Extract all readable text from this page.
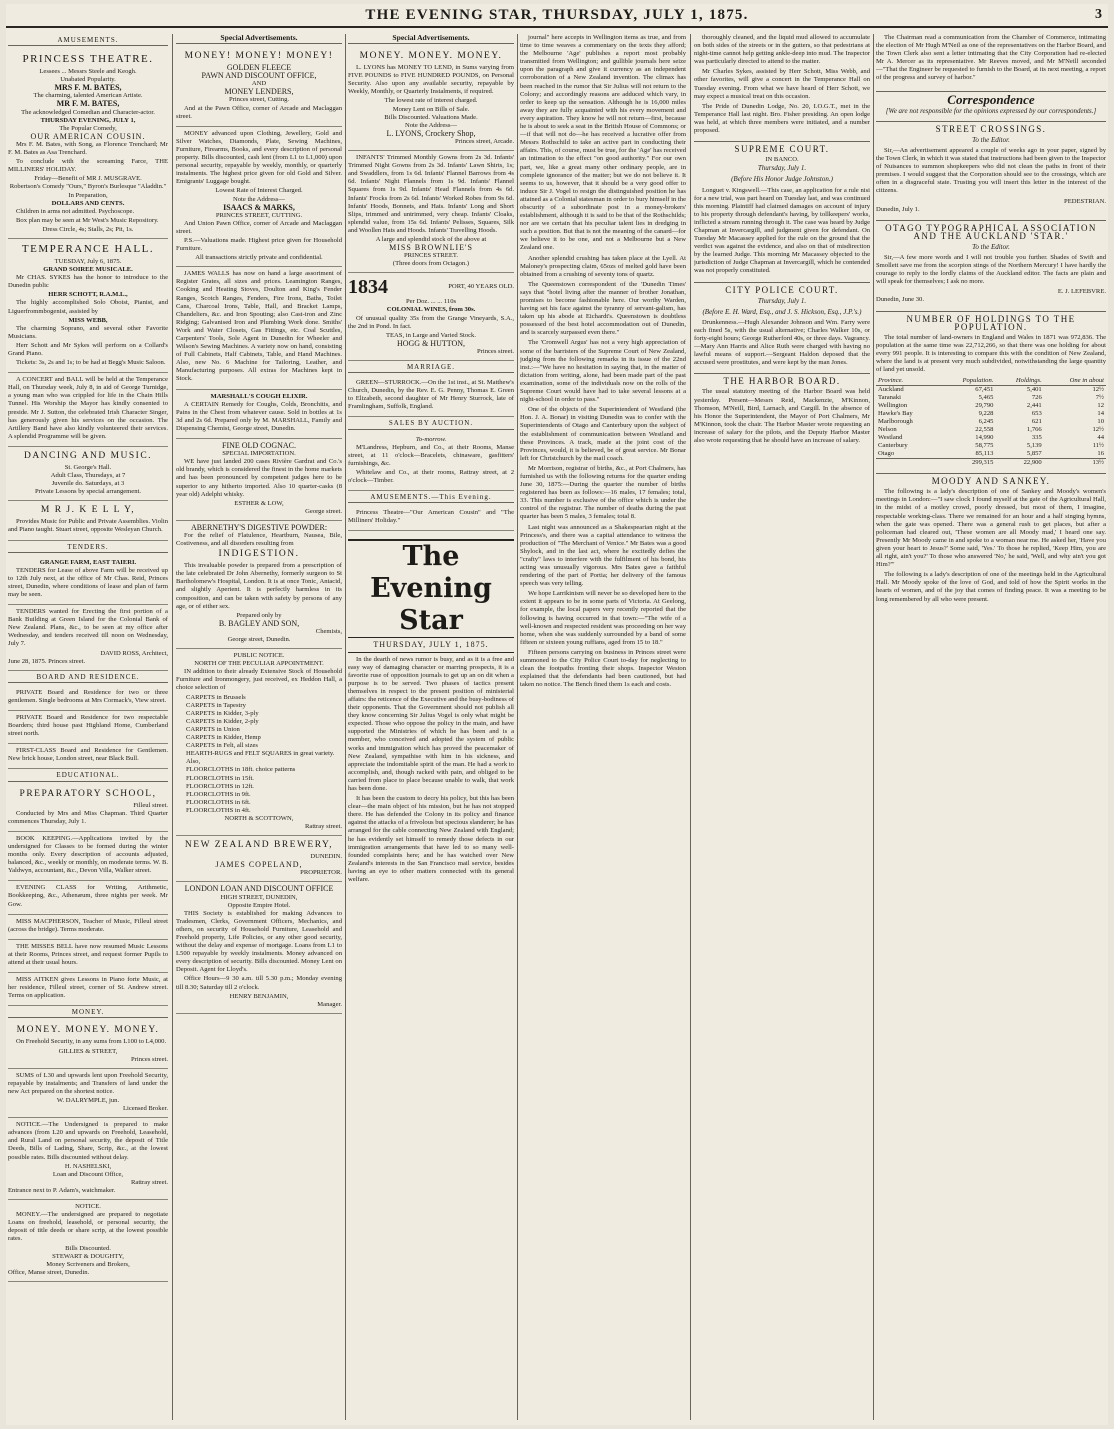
THE EVENING STAR, THURSDAY, JULY 1, 1875.	3
AMUSEMENTS.
PRINCESS THEATRE.
Lessees ... Messrs Steele and Keogh.
Unabated Popularity.
MRS F. M. BATES,
The charming, talented American Artiste.
MR F. M. BATES,
The acknowledged Comedian and Character-actor.
THURSDAY EVENING, JULY 1,
The Popular Comedy,
OUR AMERICAN COUSIN.

Mrs F. M. Bates, with Song, as Florence Trenchard; Mr F. M. Bates as Asa Trenchard.

To conclude with the screaming Farce, THE MILLINERS' HOLIDAY.

Friday—Benefit of MR J. MUSGRAVE.
Robertson's Comedy "Ours," Byron's Burlesque "Aladdin."
In Preparation,
DOLLARS AND CENTS.

Children in arms not admitted. Psychoscope.

Box plan may be seen at Mr West's Music Repository.

Dress Circle, 4s; Stalls, 2s; Pit, 1s.
TEMPERANCE HALL.
TUESDAY, July 6, 1875.
GRAND SOIREE MUSICALE.

Mr CHAS. SYKES has the honor to introduce to the Dunedin public

HERR SCHOTT, R.A.M.L.,

The highly accomplished Solo Oboist, Pianist, and Liguerfrommbogenist, assisted by

MISS WEBB,

The charming Soprano, and several other Favorite Musicians.

Herr Schott and Mr Sykes will perform on a Collard's Grand Piano.

Tickets: 3s, 2s and 1s; to be had at Begg's Music Saloon.

A CONCERT and BALL will be held at the Temperance Hall, on Thursday week, July 8, in aid of George Turnidge, a young man who was crippled for life in the Chain Hills Tunnel. His Worship the Mayor has kindly consented to preside. Mr J. Sutton, the celebrated Irish Character Singer, has generously given his services on the occasion. The Artillery Band have also kindly volunteered their services. A splendid Programme will be given.

DANCING AND MUSIC.
St. George's Hall.
Adult Class, Thursdays, at 7
Juvenile do. Saturdays, at 3
Private Lessons by special arrangement.
M R J. K E L L Y,

Provides Music for Public and Private Assemblies. Violin and Piano taught. Stuart street, opposite Wesleyan Church.

TENDERS.
GRANGE FARM, EAST TAIERI.

TENDERS for Lease of above Farm will be received up to 12th July next, at the office of Mr Chas. Reid, Princes street, Dunedin, where conditions of lease and plan of farm may be seen.

TENDERS wanted for Erecting the first portion of a Bank Building at Green Island for the Colonial Bank of New Zealand. Plans, &c., to be seen at my office after Wednesday, and tenders received till noon on Wednesday, July 7.

DAVID ROSS, Architect,
June 28, 1875. Princes street.
BOARD AND RESIDENCE.

PRIVATE Board and Residence for two or three gentlemen. Single bedrooms at Mrs Cormack's, View street.

PRIVATE Board and Residence for two respectable Boarders; third house past Highland Home, Cumberland street north.

FIRST-CLASS Board and Residence for Gentlemen. New brick house, London street, near Black Bull.

EDUCATIONAL.
PREPARATORY SCHOOL,
Filleul street.

Conducted by Mrs and Miss Chapman. Third Quarter commences Thursday, July 1.

BOOK KEEPING.—Applications invited by the undersigned for Classes to be formed during the winter months only. Every description of accounts adjusted, balanced, &c., weekly or monthly, on moderate terms. W. B. Yaldwyn, accountant, &c., Devon Villa, Walker street.

EVENING CLASS for Writing, Arithmetic, Bookkeeping, &c., Athenæum, three nights per week. Mr Gow.

MISS MACPHERSON, Teacher of Music, Filleul street (across the bridge). Terms moderate.

THE MISSES BELL have now resumed Music Lessons at their Rooms, Princes street, and request former Pupils to attend at their usual hours.

MISS AITKEN gives Lessons in Piano forte Music, at her residence, Filleul street, corner of St. Andrew street. Terms on application.

MONEY.
MONEY. MONEY. MONEY.

On Freehold Security, in any sums from L100 to L4,000.

GILLIES & STREET,
Princes street.

SUMS of L30 and upwards lent upon Freehold Security, repayable by instalments; and Transfers of land under the new Act prepared on the shortest notice.

W. DALRYMPLE, jun.
Licensed Broker.

NOTICE.—The Undersigned is prepared to make advances (from L20 and upwards on Freehold, Leasehold, and Rural Land on personal security, the deposit of Title Deeds, Bills of Lading, Share, Scrip, &c., at the lowest possible rates. Bills discounted without delay.

H. NASHELSKI,
Loan and Discount Office,
Rattray street.
Entrance next to P. Adam's, watchmaker.
NOTICE.

MONEY.—The undersigned are prepared to negotiate Loans on freehold, leasehold, or personal security, the deposit of title deeds or share scrip, at the lowest possible rates.

Bills Discounted.
STEWART & DOUGHTY,
Money Scriveners and Brokers,
Office, Manse street, Dunedin.
Special Advertisements.
MONEY! MONEY! MONEY!
GOLDEN FLEECE
PAWN AND DISCOUNT OFFICE,
AND
MONEY LENDERS,
Princes street, Cutting.

And at the Pawn Office, corner of Arcade and Maclaggan street.

MONEY advanced upon Clothing, Jewellery, Gold and Silver Watches, Diamonds, Plate, Sewing Machines, Furniture, Firearms, Books, and every description of personal property. Bills discounted, cash lent (from L1 to L1,000) upon personal security, repayable by weekly, monthly, or quarterly instalments. The highest price given for old Gold and Silver. Emigrants' Luggage bought.

Lowest Rate of Interest Charged.
Note the Address—
ISAACS & MARKS,
PRINCES STREET, CUTTING.

And Union Pawn Office, corner of Arcade and Maclaggan street.

P.S.—Valuations made. Highest price given for Household Furniture.

All transactions strictly private and confidential.

JAMES WALLS has now on hand a large assortment of Register Grates, all sizes and prices. Leamington Ranges, Cooking and Heating Stoves, Doulton and King's Fender Ranges, Scotch Ranges, Fenders, Fire Irons, Baths, Toilet Cans, Charcoal Irons, Table, Hall, and Bracket Lamps, Chandeliers, &c. and Iron Spouting; also Cast-iron and Zinc Ridging; Galvanised Iron and Plumbing Work done. Smiths' Work and Water Closets, Gas Fittings, etc. Coal Scuttles, Carpenters' Tools, Sole Agent in Dunedin for Wheeler and Wilson's Sewing Machines. A variety now on hand, consisting of Full Cabinets, Half Cabinets, Table, and Hand Machines. Also, new No. 6 Machine for Tailoring, Leather, and Manufacturing purposes. All extras for Machines kept in Stock.

MARSHALL'S COUGH ELIXIR.

A CERTAIN Remedy for Coughs, Colds, Bronchitis, and Pains in the Chest from whatever cause. Sold in bottles at 1s 3d and 2s 6d. Prepared only by M. MARSHALL, Family and Dispensing Chemist, George street, Dunedin.

FINE OLD COGNAC.
SPECIAL IMPORTATION.

WE have just landed 200 cases Rivière Gardrat and Co.'s old brandy, which is considered the finest in the home markets and has been pronounced by competent judges here to be superior to any hitherto imported. Also 10 quarter-casks (8 year old) Adelphi whisky.

ESTHER & LOW,
George street.
ABERNETHY'S DIGESTIVE POWDER:

For the relief of Flatulence, Heartburn, Nausea, Bile, Costiveness, and all disorders resulting from

INDIGESTION.

This invaluable powder is prepared from a prescription of the late celebrated Dr John Abernethy, formerly surgeon to St Bartholomew's Hospital, London. It is at once Tonic, Antacid, and slightly Aperient. It is perfectly harmless in its composition, and can be taken with safety by persons of any age, or of either sex.

Prepared only by
B. BAGLEY AND SON,
Chemists,
George street, Dunedin.
PUBLIC NOTICE.
NORTH OF THE PECULIAR APPOINTMENT.

IN addition to their already Extensive Stock of Household Furniture and Ironmongery, just received, ex Heddon Hall, a choice selection of

CARPETS in Brussels
CARPETS in Tapestry
CARPETS in Kidder, 3-ply
CARPETS in Kidder, 2-ply
CARPETS in Union
CARPETS in Kidder, Hemp
CARPETS in Felt, all sizes
HEARTH-RUGS and FELT SQUARES in great variety.
Also,
FLOORCLOTHS in 18ft. choice patterns
FLOORCLOTHS in 15ft.
FLOORCLOTHS in 12ft.
FLOORCLOTHS in 9ft.
FLOORCLOTHS in 6ft.
FLOORCLOTHS in 4ft.
NORTH & SCOTTOWN,
Rattray street.
NEW ZEALAND BREWERY,
DUNEDIN.
JAMES COPELAND,
PROPRIETOR.
LONDON LOAN AND DISCOUNT OFFICE
HIGH STREET, DUNEDIN,
Opposite Empire Hotel.

THIS Society is established for making Advances to Tradesmen, Clerks, Government Officers, Mechanics, and others, on security of Household Furniture, Leasehold and Freehold property, Life Policies, or any other good security, without the delay and expense of mortgage. Loans from L1 to L500 repayable by weekly instalments. Money advanced on every description of security. Bills discounted. Money Lent on Deposit. Agent for Lloyd's.

Office Hours—9 30 a.m. till 5.30 p.m.; Monday evening till 8.30; Saturday till 2 o'clock.

HENRY BENJAMIN,
Manager.
Special Advertisements.
MONEY. MONEY. MONEY.

L. LYONS has MONEY TO LEND, in Sums varying from FIVE POUNDS to FIVE HUNDRED POUNDS, on Personal Security. Also upon any available security, repayable by Weekly, Monthly, or Quarterly Instalments, if required.

The lowest rate of interest charged.
Money Lent on Bills of Sale.
Bills Discounted. Valuations Made.
Note the Address—
L. LYONS, Crockery Shop,
Princes street, Arcade.

INFANTS' Trimmed Monthly Gowns from 2s 3d. Infants' Trimmed Night Gowns from 2s 3d. Infants' Lawn Shirts, 1s; and Swaddlers, from 1s 6d. Infants' Flannel Barrows from 4s 6d. Infants' Night Flannels from 1s 9d. Infants' Flannel Squares from 1s 9d. Infants' Head Flannels from 4s 6d. Infants' Frocks from 2s 6d. Infants' Worked Robes from 9s 6d. Infants' Hoods, Bonnets, and Hats. Infants' Long and Short Slips, trimmed and untrimmed, very cheap. Infants' Cloaks, splendid value, from 15s 6d. Infants' Pelisses, Squares, Silk and Woollen Hats and Hoods. Infants' Travelling Hoods.

A large and splendid stock of the above at
MISS BROWNLIE'S
PRINCES STREET.
(Three doors from Octagon.)
1834	PORT, 40 YEARS OLD.
Per Doz. ... ... 110s
COLONIAL WINES, from 30s.

Of unusual quality 35s from the Grange Vineyards, S.A., the 2nd in Pond. In fact.

TEAS, in Large and Varied Stock.
HOGG & HUTTON,
Princes street.
MARRIAGE.

GREEN—STURROCK.—On the 1st inst., at St. Matthew's Church, Dunedin, by the Rev. E. G. Penny, Thomas E. Green to Elizabeth, second daughter of Mr Henry Sturrock, late of Framlingham, Suffolk, England.

SALES BY AUCTION.
To-morrow.

M'Landress, Hepburn, and Co., at their Rooms, Manse street, at 11 o'clock—Bracelets, chinaware, gasfitters' furnishings, &c.

Whitelaw and Co., at their rooms, Rattray street, at 2 o'clock—Timber.

AMUSEMENTS.—This Evening.

Princess Theatre—"Our American Cousin" and "The Milliners' Holiday."

The Evening Star
THURSDAY, JULY 1, 1875.

In the dearth of news rumor is busy, and as it is a free and easy way of damaging character or marring prospects, it is a favorite ruse of opposition journals to get up an on dit when a purpose is to be served. Two phases of tactics present themselves in respect to the present position of ministerial affairs: the reticence of the Executive and the busy-bodiness of their opponents. That the Government should not publish all they know concerning Sir Julius Vogel is only what might be expected. Those who oppose the policy in the main, and have supported the Ministries of which he has been and is a member, who conceived and adopted the system of public works and immigration which has proved the peacemaker of New Zealand, sympathise with him in his sickness, and appreciate the indomitable spirit of the man. He had a work to accomplish, and, though racked with pain, and obliged to be carried from place to place because unable to walk, that work has been done.

It has been the custom to decry his policy, but this has been clear—the main object of his mission, but he has not stopped there. He has defended the Colony in its policy and finance against the attacks of a frivolous but specious slanderer; he has arranged for the cable connecting New Zealand with England; he has evidently set himself to remedy those defects in our immigration arrangements that have led to so many well-founded complaints here; and he has watched over New Zealand's interests in the San Francisco mail service, besides having an eye to other matters connected with its general welfare.

journal" here accepts in Wellington items as true, and from time to time weaves a commentary on the texts they afford; the Melbourne 'Age' publishes a report most probably transmitted from Wellington; and gullible journals here seize upon the paragraph and give it currency as an independent corroboration of a New Zealand invention. The climax has been reached in the rumor that Sir Julius will not return to the Colony; and accordingly reasons are adduced which vary, in order to keep up the sensation. Although he is 16,000 miles away they are fully acquainted with his every movement and every aspiration. They know he will not return—first, because he is about to seek a seat in the British House of Commons; or—if that will not do—he has received a lucrative offer from Messrs Rothschild to take an active part in conducting their affairs. This, of course, must be true, for the 'Age' has received an intimation to the effect "on good authority." For our own part, we, like a great many other ordinary people, are in complete ignorance of the matter; but we do not believe it. It seems to us, however, that it should be a very good offer to induce Sir J. Vogel to resign the distinguished position he has attained as a Colonial statesman in order to bury himself in the obscurity of a subordinate post in a money-brokers' establishment, although it is said to be that of the Rothschilds; nor are we certain that his peculiar talent lies in dredging in such a position. But that is not the meaning of the canard—for we believe it to be one, and not a Melbourne but a New Zealand one.

Another splendid crushing has taken place at the Lyell. At Maloney's prospecting claim, 65ozs of melted gold have been obtained from a crushing of seventy tons of quartz.

The Queenstown correspondent of the 'Dunedin Times' says that "hotel living after the manner of brother Jonathan, promises to become fashionable here. Our worthy Warden, having set his face against the tyranny of servant-galism, has taken up his abode at Eichardt's. Queenstown is doubtless possessed of the best hotel accommodation out of Dunedin, and is scarcely surpassed even there."

The 'Cromwell Argus' has not a very high appreciation of some of the barristers of the Supreme Court of New Zealand, judging from the following remarks in its issue of the 22nd inst.:—"We have no hesitation in saying that, in the matter of dictation from writing, alone, had been made part of the past examination, some of the individuals now on the rolls of the Supreme Court would have had to take several lessons at a night-school in order to pass."

One of the objects of the Superintendent of Westland (the Hon. J. A. Bonar) in visiting Dunedin was to confer with the Superintendents of Otago and Canterbury upon the subject of the establishment of communication between Westland and these Provinces. A track, made at the joint cost of the Provinces, would, it is believed, be of great service. Mr Bonar left for Christchurch by the mail coach.

Mr Morrison, registrar of births, &c., at Port Chalmers, has furnished us with the following returns for the quarter ending June 30, 1875:—During the quarter the number of births registered has been as follows:—16 males, 17 females; total, 33. This number is exclusive of the office which is under the control of the registrar. The number of deaths during the past quarter has been 5 males, 3 females; total 8.

Last night was announced as a Shakespearian night at the Princess's, and there was a capital attendance to witness the production of "The Merchant of Venice." Mr Bates was a good Shylock, and in the last act, where he excitedly defies the "crafty" laws to interfere with the fulfilment of his bond, his acting was unusually vigorous. Mrs Bates gave a faithful rendering of the part of Portia; her delivery of the famous speech was very telling.

We hope Larrikinism will never be so developed here to the extent it appears to be in some parts of Victoria. At Geelong, for example, the local papers very recently reported that the following is having occurred in that town:—"The wife of a well-known and respected resident was proceeding on her way home, when she was suddenly surrounded by a band of some fifteen or sixteen young ruffians, aged from 15 to 18."

Fifteen persons carrying on business in Princes street were summoned to the City Police Court to-day for neglecting to clean the footpaths fronting their shops. Inspector Weston explained that the defendants had been cautioned, but had taken no notice. The Bench fined them 1s each and costs.

thoroughly cleaned, and the liquid mud allowed to accumulate on both sides of the streets or in the gutters, so that pedestrians at night-time cannot help getting ankle-deep into mud. The Inspector was particularly directed to attend to the matter.

Mr Charles Sykes, assisted by Herr Schott, Miss Webb, and other favorites, will give a concert in the Temperance Hall on Tuesday evening. From what we have heard of Herr Schott, we may expect a musical treat on this occasion.

The Pride of Dunedin Lodge, No. 20, I.O.G.T., met in the Temperance Hall last night. Bro. Fisher presiding. An open lodge was held, at which three members were initiated, and a number proposed.

SUPREME COURT.
IN BANCO.
Thursday, July 1.
(Before His Honor Judge Johnston.)

Longuet v. Kingswell.—This case, an application for a rule nisi for a new trial, was part heard on Tuesday last, and was continued this morning. Plaintiff had claimed damages on account of injury to his property through defendant's having, by tollkeepers' works, inflicted a stream running through it. The case was heard by Judge Chapman at Invercargill, and judgment given for defendant. On Tuesday Mr Macassey applied for the rule on the ground that the verdict was against the evidence, and also on that of misdirection by the learned Judge. This morning Mr Macassey objected to the jurisdiction of Judge Chapman at Invercargill, which he contended was not properly constituted.

CITY POLICE COURT.
Thursday, July 1.
(Before E. H. Ward, Esq., and J. S. Hickson, Esq., J.P.'s.)

Drunkenness.—Hugh Alexander Johnson and Wm. Farry were each fined 5s, with the usual alternative; Charles Walker 10s, or forty-eight hours; George Rutherford 40s, or three days. Vagrancy.—Mary Ann Harris and Alice Ruth were charged with having no lawful means of support.—Sergeant Haldon deposed that the accused were prostitutes, and were kept by the man Jones.

THE HARBOR BOARD.

The usual statutory meeting of the Harbor Board was held yesterday. Present—Messrs Reid, Mackenzie, M'Kinnon, Thomson, M'Neill, Bird, Larnach, and Cargill. In the absence of his Honor the Superintendent, the Mayor of Port Chalmers, Mr M'Kinnon, took the chair. The Harbor Master wrote requesting an increase of salary for the pilots, and the Deputy Harbor Master also wrote requesting that he should have an increase of salary.

The Chairman read a communication from the Chamber of Commerce, intimating the election of Mr Hugh M'Neil as one of the representatives on the Harbor Board, and the Town Clerk also sent a letter intimating that the City Corporation had re-elected Mr A. Mercer as its representative. Mr Reeves moved, and Mr M'Neill seconded—"That the Engineer be requested to furnish to the Board, at its next meeting, a report of the progress and survey of harbor."

Correspondence
[We are not responsible for the opinions expressed by our correspondents.]
STREET CROSSINGS.
To the Editor.

Sir,—An advertisement appeared a couple of weeks ago in your paper, signed by the Town Clerk, in which it was stated that instructions had been given to the Inspector of Nuisances to summon shopkeepers who did not clean the paths in front of their premises. I would suggest that the Corporation should see to the crossings, which are often in a disgraceful state. Trusting you will insert this letter in the interest of the citizens.

PEDESTRIAN.
Dunedin, July 1.
OTAGO TYPOGRAPHICAL ASSOCIATION AND THE AUCKLAND 'STAR.'
To the Editor.

Sir,—A few more words and I will not trouble you further. Shades of Swift and Smollett save me from the scorpion stings of the Northern Mercury! I have hardly the courage to reply to the lordly claims of the Auckland editor. The facts are plain and will speak for themselves; I ask no more.

E. J. LEFEBVRE.
Dunedin, June 30.
NUMBER OF HOLDINGS TO THE POPULATION.

The total number of land-owners in England and Wales in 1871 was 972,836. The population at the same time was 22,712,266, so that there was one holding for about every 991 people. It is interesting to compare this with the condition of New Zealand, where the land is at present very much subdivided, notwithstanding the large quantity of land yet unsold.

Province.	Population.	Holdings.	One in about
Auckland	67,451	5,401	12½
Taranaki	5,465	726	7½
Wellington	29,790	2,441	12
Hawke's Bay	9,228	653	14
Marlborough	6,245	621	10
Nelson	22,558	1,766	12½
Westland	14,990	335	44
Canterbury	58,775	5,139	11½
Otago	85,113	5,857	16
	299,315	22,900	13½
MOODY AND SANKEY.

The following is a lady's description of one of Sankey and Moody's women's meetings in London:—"I saw clock I found myself at the gate of the Agricultural Hall, in the midst of a motley crowd, poorly dressed, but most of them, I imagine, respectable working-class. There we remained for an hour and a half singing hymns, when the gate was opened. There was a general rush to get places, but after a policeman had cleared out, 'These women are all Moody mad,' I heard one say. Presently Mr Moody came in and spoke to a woman near me. He asked her, 'Have you given your heart to Jesus?' Some said, 'Yes.' To those he replied, 'Keep Him, you are all right, ain't you?' To those who answered 'No,' he said, 'Well, and why ain't you got Him?'"

The following is a lady's description of one of the meetings held in the Agricultural Hall. Mr Moody spoke of the love of God, and told of how the Spirit works in the hearts of women, and of the joy that comes of finding peace. It was a meeting to be long remembered by all who were present.
